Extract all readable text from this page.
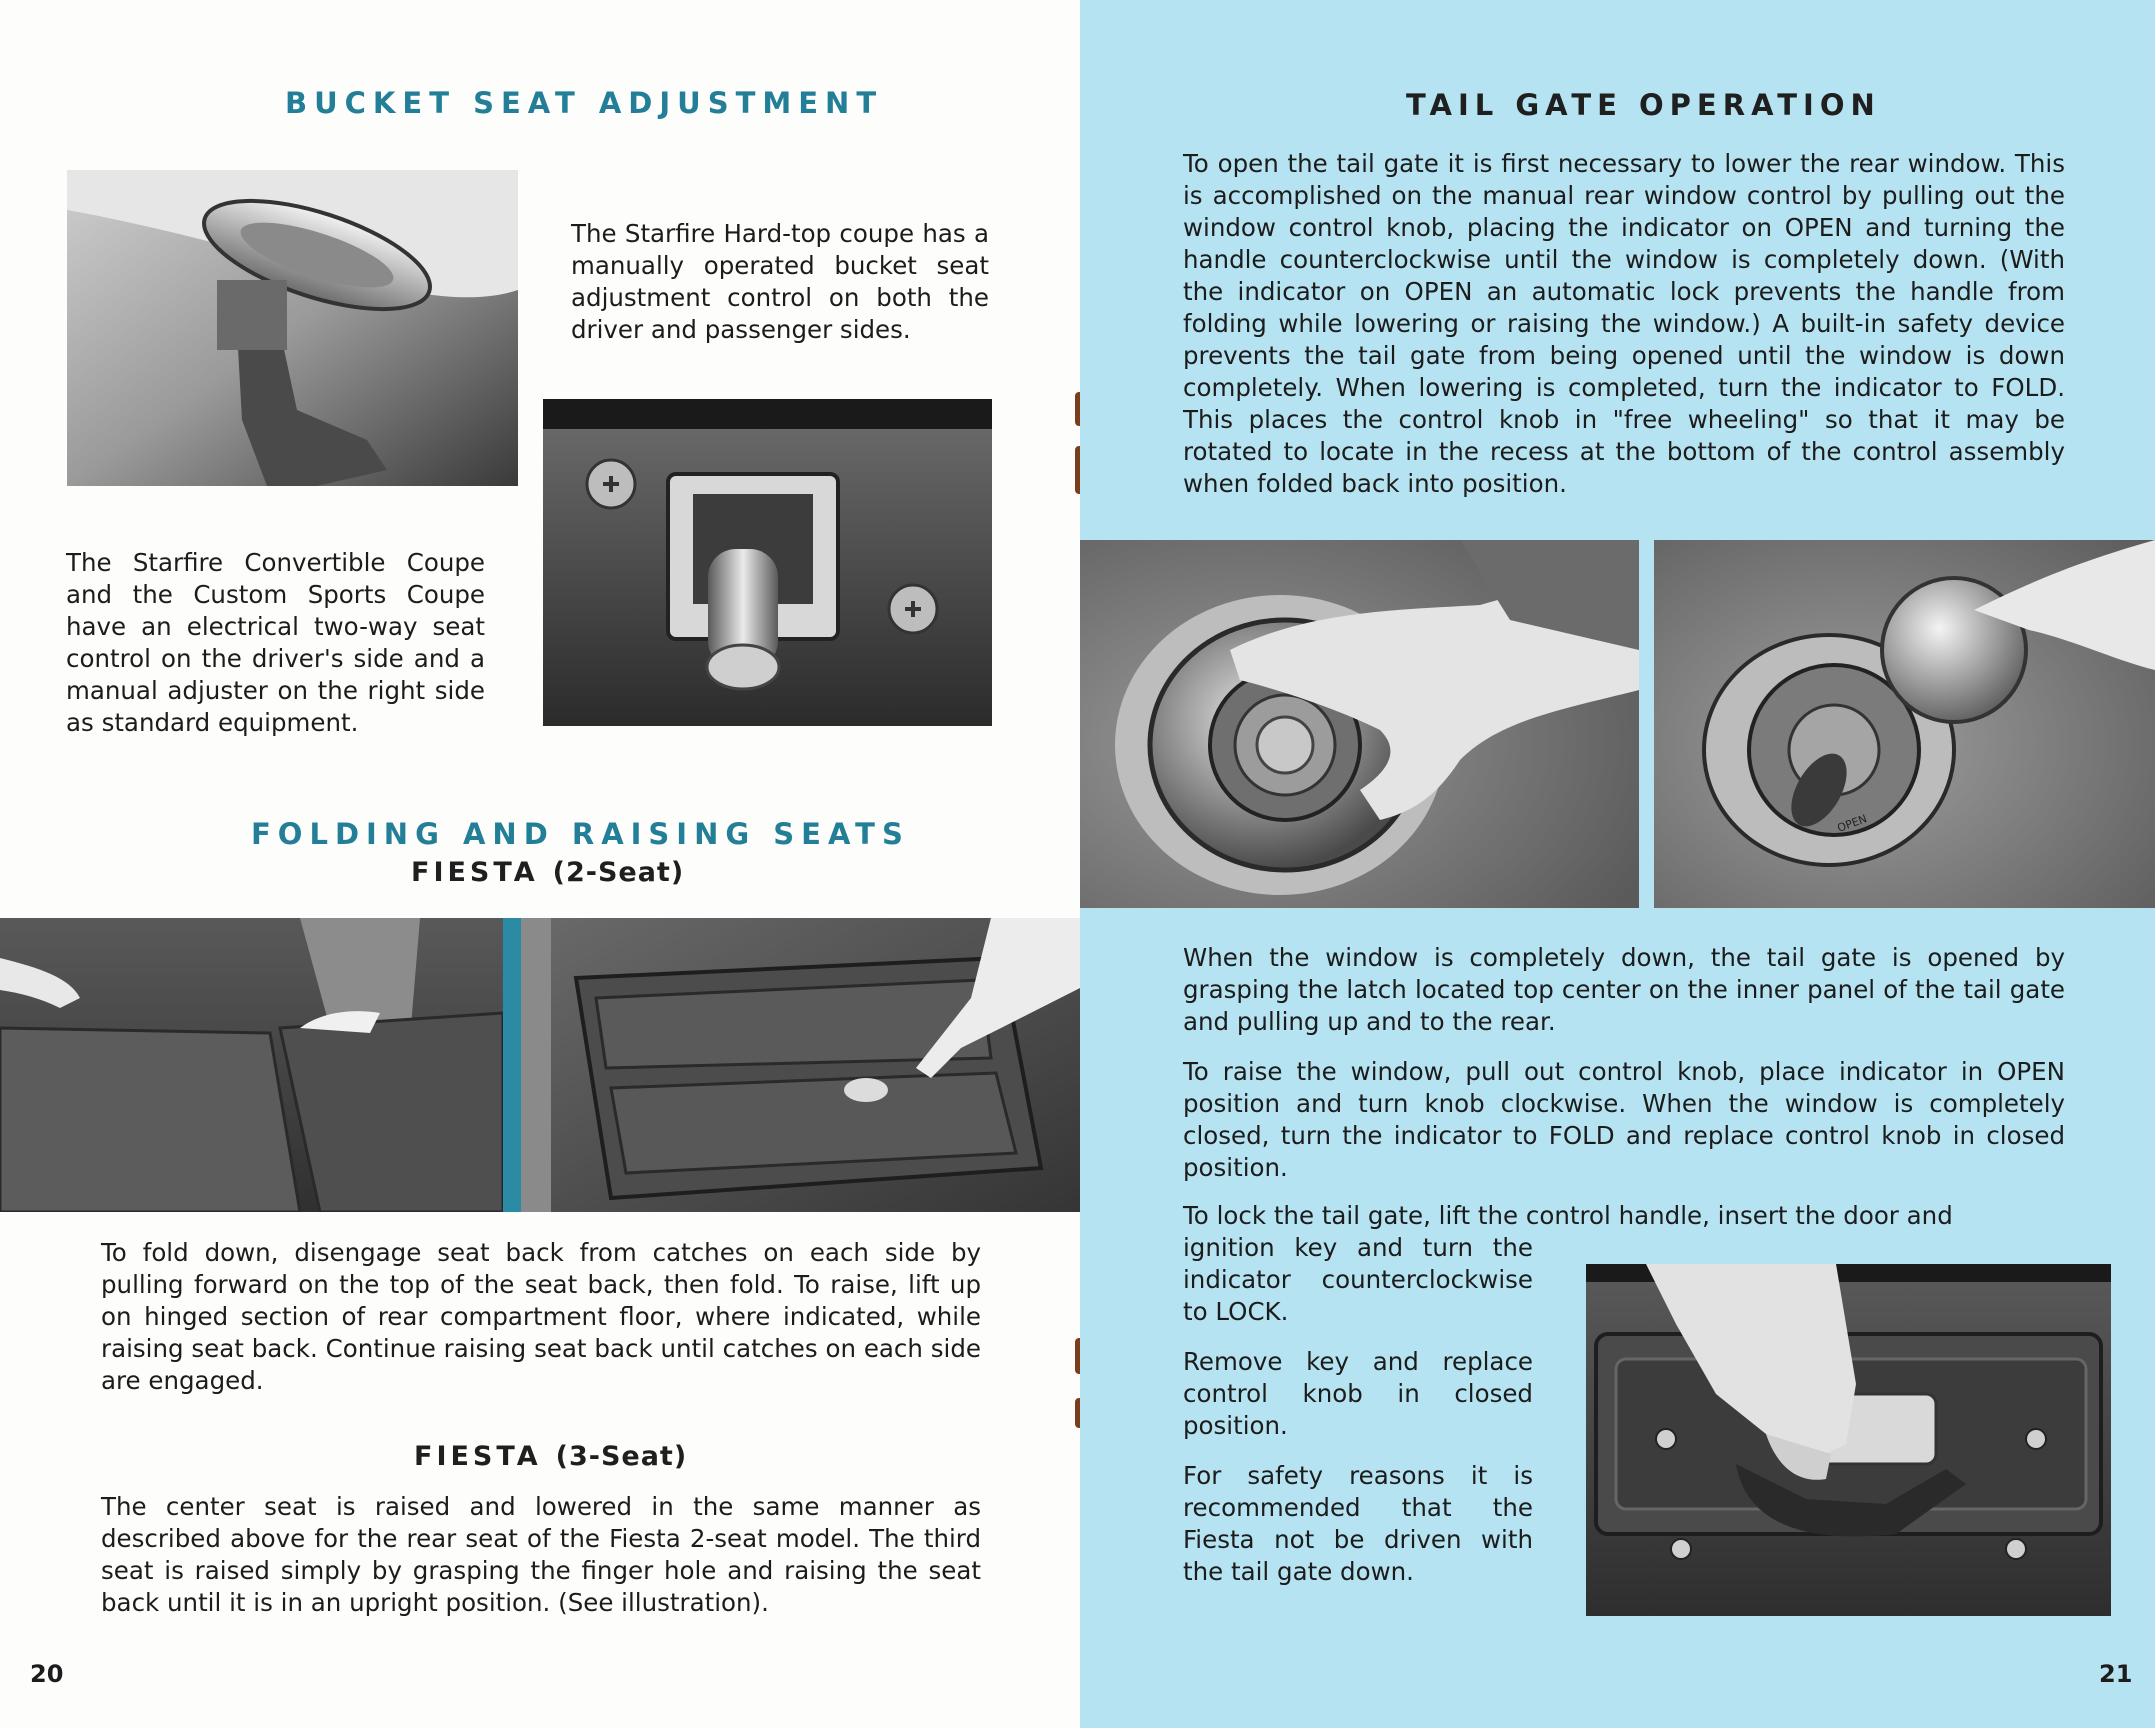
BUCKET SEAT ADJUSTMENT

The Starfire Hard-top coupe has a manually operated bucket seat adjustment control on both the driver and passenger sides.

The Starfire Convertible Coupe and the Custom Sports Coupe have an electrical two-way seat control on the driver's side and a manual adjuster on the right side as standard equipment.

FOLDING AND RAISING SEATS
FIESTA (2-Seat)

To fold down, disengage seat back from catches on each side by pulling forward on the top of the seat back, then fold. To raise, lift up on hinged section of rear compartment floor, where indicated, while raising seat back. Continue raising seat back until catches on each side are engaged.

FIESTA (3-Seat)

The center seat is raised and lowered in the same manner as described above for the rear seat of the Fiesta 2-seat model. The third seat is raised simply by grasping the finger hole and raising the seat back until it is in an upright position. (See illustration).

20
TAIL GATE OPERATION

To open the tail gate it is first necessary to lower the rear window. This is accomplished on the manual rear window control by pulling out the window control knob, placing the indicator on OPEN and turning the handle counterclockwise until the window is completely down. (With the indicator on OPEN an automatic lock prevents the handle from folding while lowering or raising the window.) A built-in safety device prevents the tail gate from being opened until the window is down completely. When lowering is completed, turn the indicator to FOLD. This places the control knob in "free wheeling" so that it may be rotated to locate in the recess at the bottom of the control assembly when folded back into position.

OPEN

When the window is completely down, the tail gate is opened by grasping the latch located top center on the inner panel of the tail gate and pulling up and to the rear.

To raise the window, pull out control knob, place indicator in OPEN position and turn knob clockwise. When the window is completely closed, turn the indicator to FOLD and replace control knob in closed position.

To lock the tail gate, lift the control handle, insert the door and

ignition key and turn the indicator counterclockwise to LOCK.

Remove key and replace control knob in closed position.

For safety reasons it is recommended that the Fiesta not be driven with the tail gate down.

21
